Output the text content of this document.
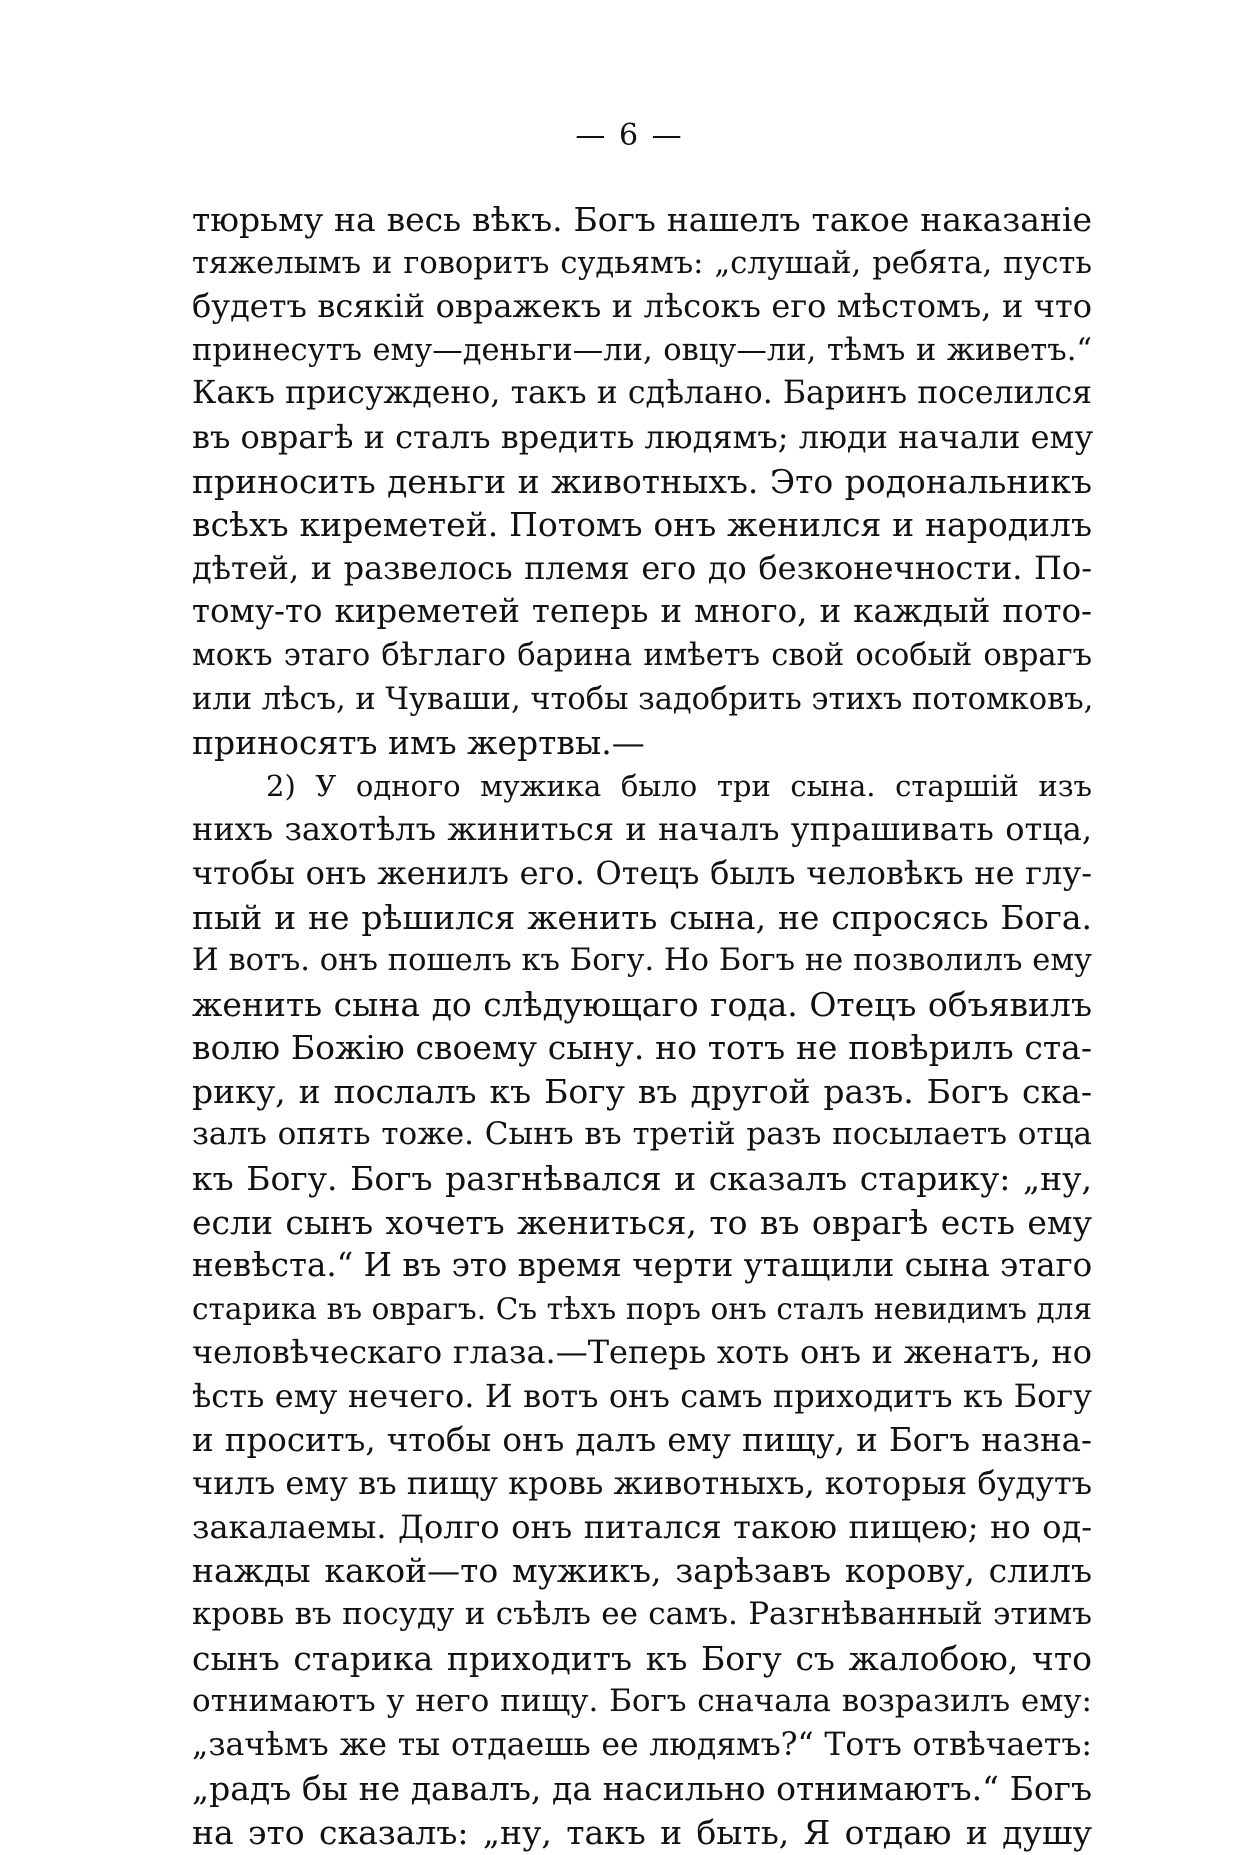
— 6 —
тюрьму на весь вѣкъ. Богъ нашелъ такое наказаніе
тяжелымъ и говоритъ судьямъ: „слушай, ребята, пусть
будетъ всякій овражекъ и лѣсокъ его мѣстомъ, и что
принесутъ ему—деньги—ли, овцу—ли, тѣмъ и живетъ.“
Какъ присуждено, такъ и сдѣлано. Баринъ поселился
въ оврагѣ и сталъ вредить людямъ; люди начали ему
приносить деньги и животныхъ. Это родональникъ
всѣхъ киреметей. Потомъ онъ женился и народилъ
дѣтей, и развелось племя его до безконечности. По-
тому-то киреметей теперь и много, и каждый пото-
мокъ этаго бѣглаго барина имѣетъ свой особый оврагъ
или лѣсъ, и Чуваши, чтобы задобрить этихъ потомковъ,
приносятъ имъ жертвы.—
2) У одного мужика было три сына. старшій изъ
нихъ захотѣлъ жиниться и началъ упрашивать отца,
чтобы онъ женилъ его. Отецъ былъ человѣкъ не глу-
пый и не рѣшился женить сына, не спросясь Бога.
И вотъ. онъ пошелъ къ Богу. Но Богъ не позволилъ ему
женить сына до слѣдующаго года. Отецъ объявилъ
волю Божію своему сыну. но тотъ не повѣрилъ ста-
рику, и послалъ къ Богу въ другой разъ. Богъ ска-
залъ опять тоже. Сынъ въ третій разъ посылаетъ отца
къ Богу. Богъ разгнѣвался и сказалъ старику: „ну,
если сынъ хочетъ жениться, то въ оврагѣ есть ему
невѣста.“ И въ это время черти утащили сына этаго
старика въ оврагъ. Съ тѣхъ поръ онъ сталъ невидимъ для
человѣческаго глаза.—Теперь хоть онъ и женатъ, но
ѣсть ему нечего. И вотъ онъ самъ приходитъ къ Богу
и проситъ, чтобы онъ далъ ему пищу, и Богъ назна-
чилъ ему въ пищу кровь животныхъ, которыя будутъ
закалаемы. Долго онъ питался такою пищею; но од-
нажды какой—то мужикъ, зарѣзавъ корову, слилъ
кровь въ посуду и съѣлъ ее самъ. Разгнѣванный этимъ
сынъ старика приходитъ къ Богу съ жалобою, что
отнимаютъ у него пищу. Богъ сначала возразилъ ему:
„зачѣмъ же ты отдаешь ее людямъ?“ Тотъ отвѣчаетъ:
„радъ бы не давалъ, да насильно отнимаютъ.“ Богъ
на это сказалъ: „ну, такъ и быть, Я отдаю и душу
